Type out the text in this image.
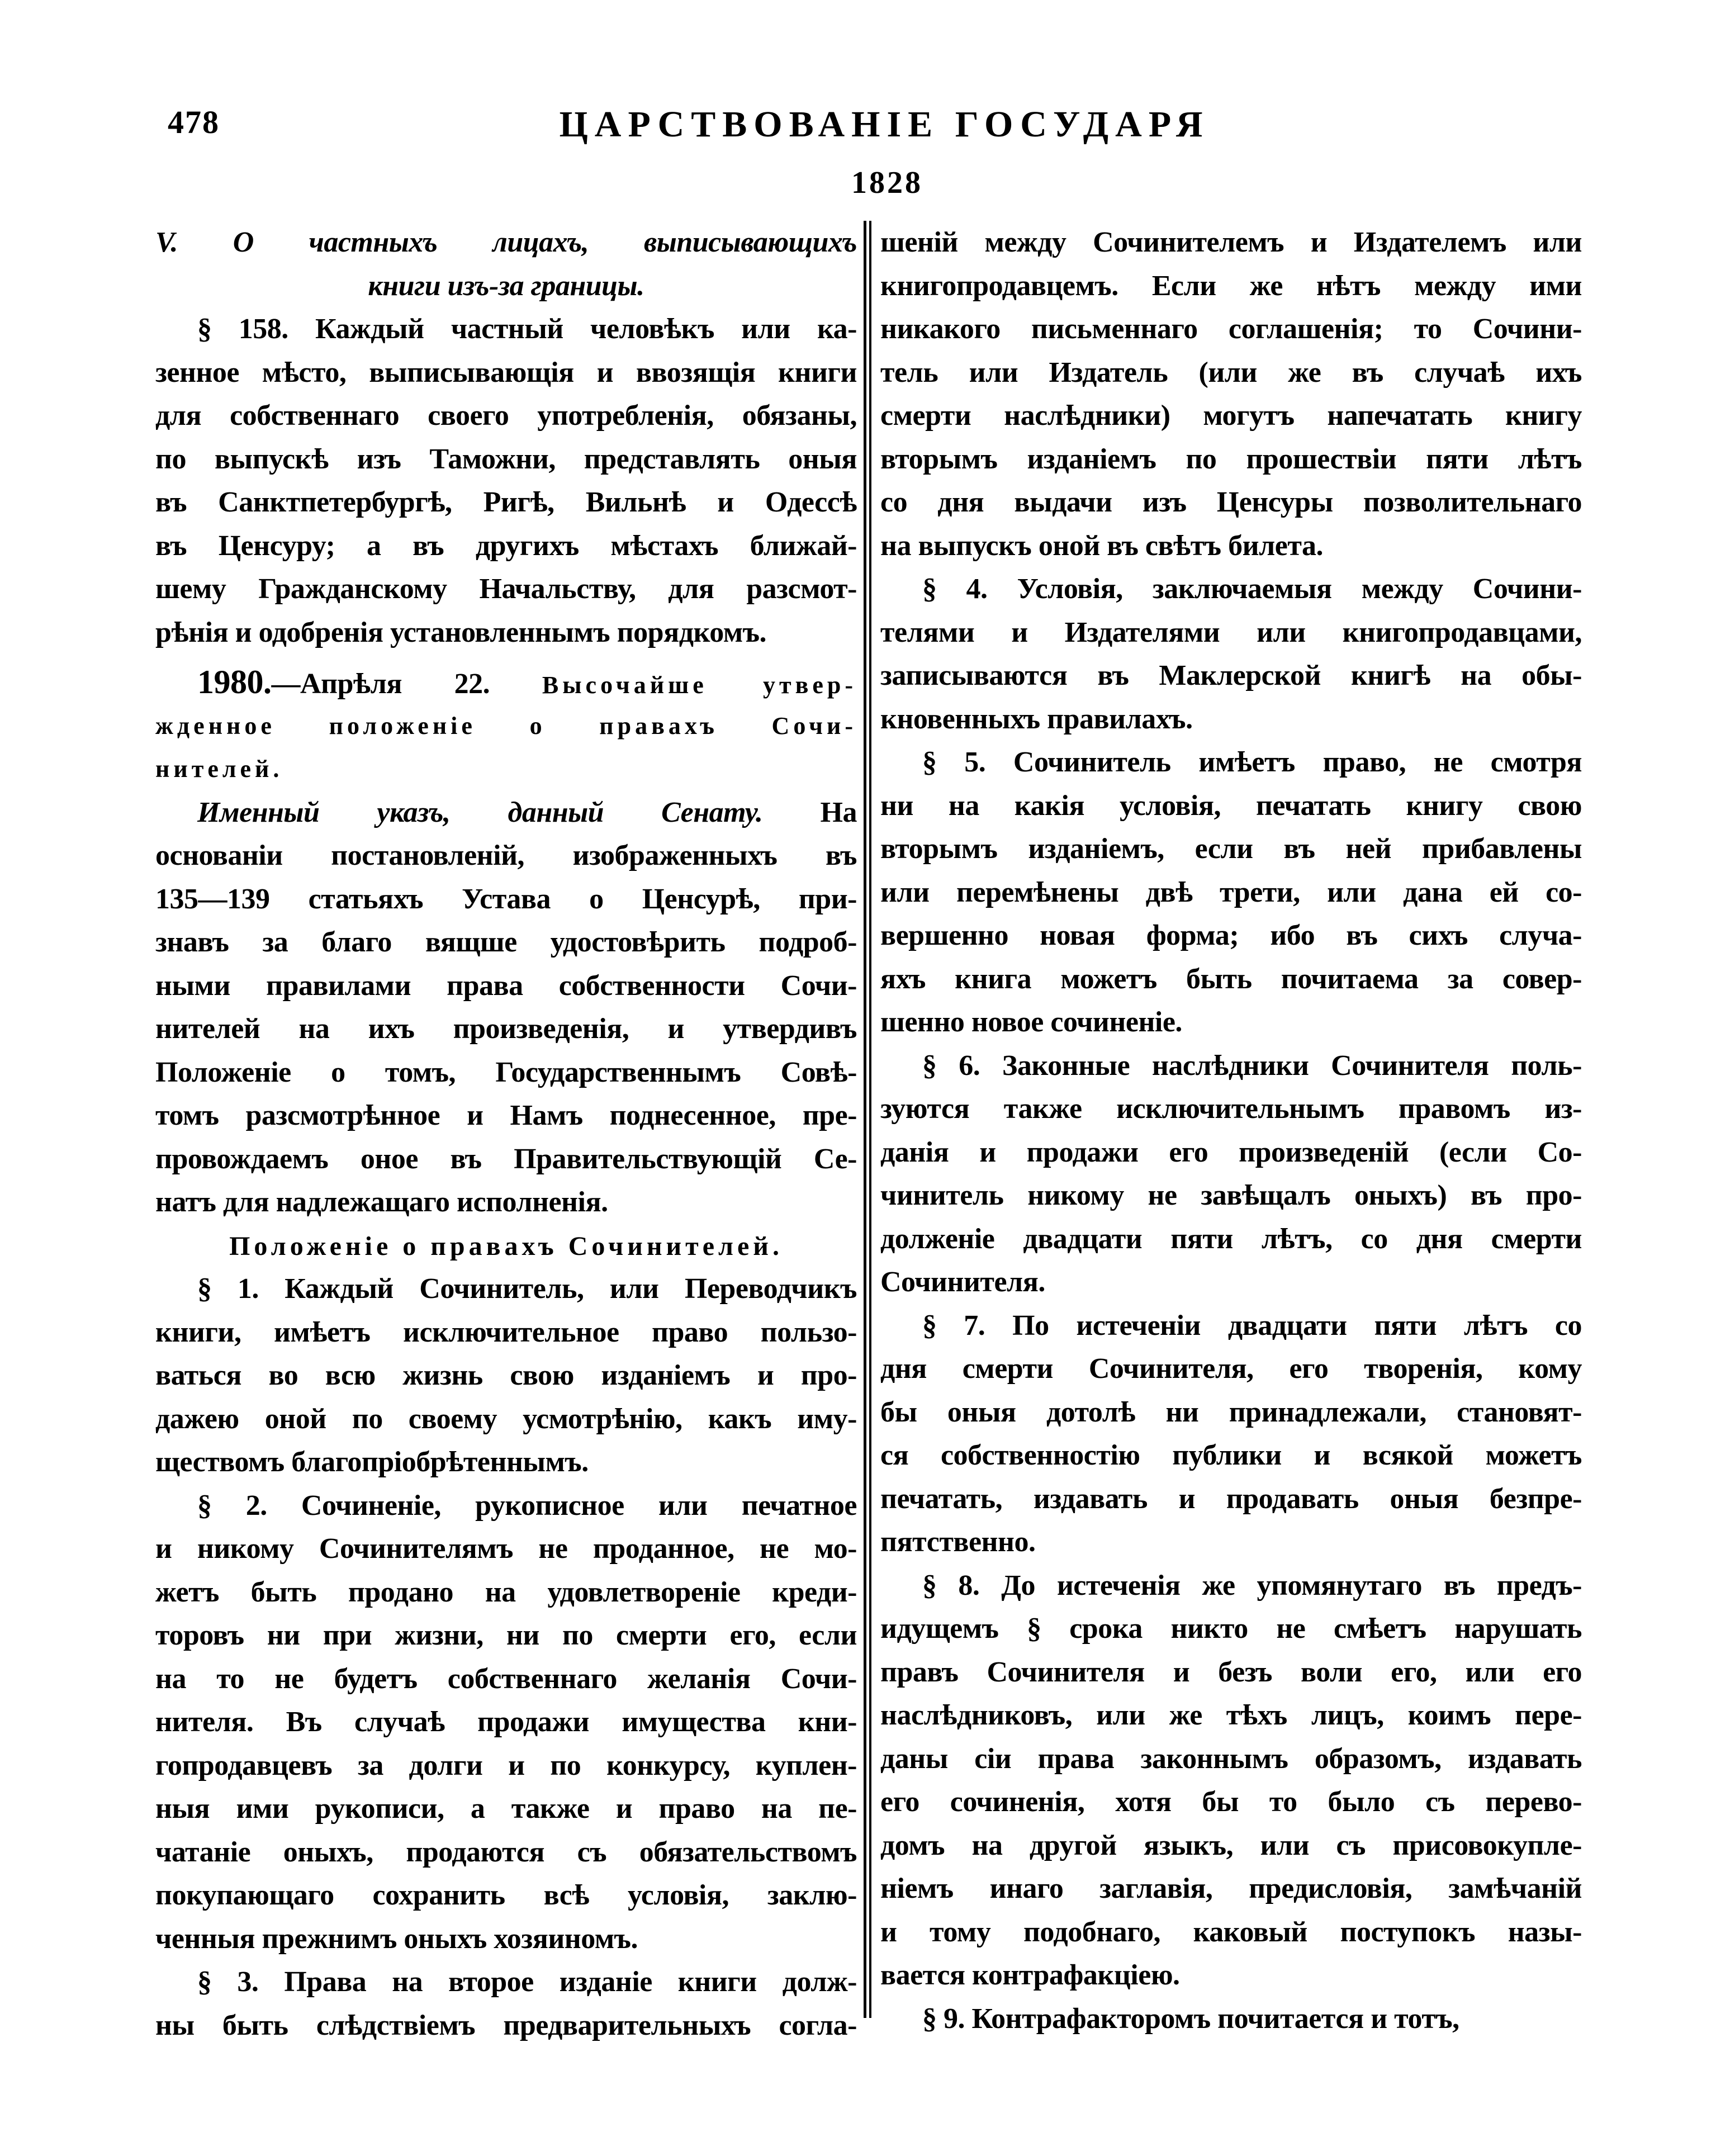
478	ЦАРСТВОВАНІЕ ГОСУДАРЯ
1828
V. О частныхъ лицахъ, выписывающихъ
книги изъ-за границы.
§ 158. Каждый частный человѣкъ или ка-
зенное мѣсто, выписывающія и ввозящія книги
для собственнаго своего употребленія, обязаны,
по выпускѣ изъ Таможни, представлять оныя
въ Санктпетербургѣ, Ригѣ, Вильнѣ и Одессѣ
въ Ценсуру; а въ другихъ мѣстахъ ближай-
шему Гражданскому Начальству, для разсмот-
рѣнія и одобренія установленнымъ порядкомъ.
1980.—Апрѣля 22. Высочайше утвер-
жденное положеніе о правахъ Сочи-
нителей.
Именный указъ, данный Сенату. На
основаніи постановленій, изображенныхъ въ
135—139 статьяхъ Устава о Ценсурѣ, при-
знавъ за благо вящше удостовѣрить подроб-
ными правилами права собственности Сочи-
нителей на ихъ произведенія, и утвердивъ
Положеніе о томъ, Государственнымъ Совѣ-
томъ разсмотрѣнное и Намъ поднесенное, пре-
провождаемъ оное въ Правительствующій Се-
натъ для надлежащаго исполненія.
Положеніе о правахъ Сочинителей.
§ 1. Каждый Сочинитель, или Переводчикъ
книги, имѣетъ исключительное право пользо-
ваться во всю жизнь свою изданіемъ и про-
дажею оной по своему усмотрѣнію, какъ иму-
ществомъ благопріобрѣтеннымъ.
§ 2. Сочиненіе, рукописное или печатное
и никому Сочинителямъ не проданное, не мо-
жетъ быть продано на удовлетвореніе креди-
торовъ ни при жизни, ни по смерти его, если
на то не будетъ собственнаго желанія Сочи-
нителя. Въ случаѣ продажи имущества кни-
гопродавцевъ за долги и по конкурсу, куплен-
ныя ими рукописи, а также и право на пе-
чатаніе оныхъ, продаются съ обязательствомъ
покупающаго сохранить всѣ условія, заклю-
ченныя прежнимъ оныхъ хозяиномъ.
§ 3. Права на второе изданіе книги долж-
ны быть слѣдствіемъ предварительныхъ согла-
шеній между Сочинителемъ и Издателемъ или
книгопродавцемъ. Если же нѣтъ между ими
никакого письменнаго соглашенія; то Сочини-
тель или Издатель (или же въ случаѣ ихъ
смерти наслѣдники) могутъ напечатать книгу
вторымъ изданіемъ по прошествіи пяти лѣтъ
со дня выдачи изъ Ценсуры позволительнаго
на выпускъ оной въ свѣтъ билета.
§ 4. Условія, заключаемыя между Сочини-
телями и Издателями или книгопродавцами,
записываются въ Маклерской книгѣ на обы-
кновенныхъ правилахъ.
§ 5. Сочинитель имѣетъ право, не смотря
ни на какія условія, печатать книгу свою
вторымъ изданіемъ, если въ ней прибавлены
или перемѣнены двѣ трети, или дана ей со-
вершенно новая форма; ибо въ сихъ случа-
яхъ книга можетъ быть почитаема за совер-
шенно новое сочиненіе.
§ 6. Законные наслѣдники Сочинителя поль-
зуются также исключительнымъ правомъ из-
данія и продажи его произведеній (если Со-
чинитель никому не завѣщалъ оныхъ) въ про-
долженіе двадцати пяти лѣтъ, со дня смерти
Сочинителя.
§ 7. По истеченіи двадцати пяти лѣтъ со
дня смерти Сочинителя, его творенія, кому
бы оныя дотолѣ ни принадлежали, становят-
ся собственностію публики и всякой можетъ
печатать, издавать и продавать оныя безпре-
пятственно.
§ 8. До истеченія же упомянутаго въ предъ-
идущемъ § срока никто не смѣетъ нарушать
правъ Сочинителя и безъ воли его, или его
наслѣдниковъ, или же тѣхъ лицъ, коимъ пере-
даны сіи права законнымъ образомъ, издавать
его сочиненія, хотя бы то было съ перево-
домъ на другой языкъ, или съ присовокупле-
ніемъ инаго заглавія, предисловія, замѣчаній
и тому подобнаго, каковый поступокъ назы-
вается контрафакціею.
§ 9. Контрафакторомъ почитается и тотъ,
